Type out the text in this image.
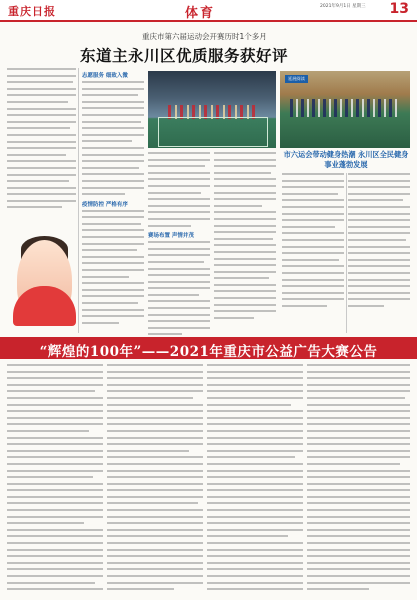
重庆日报	体育	2021年9月1日 星期三 13
重庆市第六届运动会开赛历时1个多月
东道主永川区优质服务获好评
志愿服务 细致入微
疫情防控 严格有序
赛场布置 声情并茂
延展阅读
市六运会带动健身热潮 永川区全民健身事业蓬勃发展
“辉煌的100年”——2021年重庆市公益广告大赛公告
